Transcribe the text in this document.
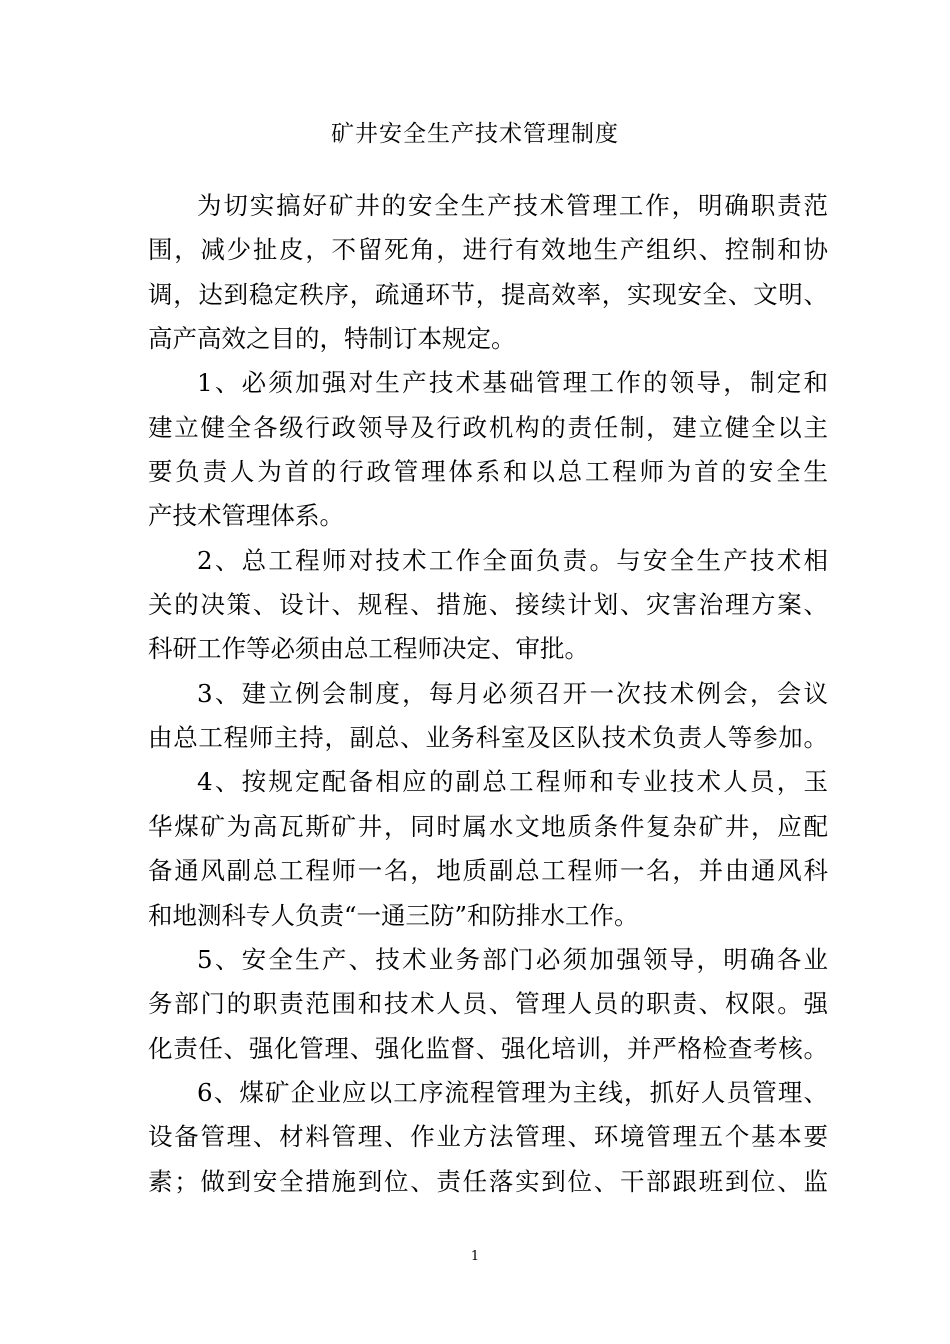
矿井安全生产技术管理制度
为切实搞好矿井的安全生产技术管理工作，明确职责范
围，减少扯皮，不留死角，进行有效地生产组织、控制和协
调，达到稳定秩序，疏通环节，提高效率，实现安全、文明、
高产高效之目的，特制订本规定。
1、必须加强对生产技术基础管理工作的领导，制定和
建立健全各级行政领导及行政机构的责任制，建立健全以主
要负责人为首的行政管理体系和以总工程师为首的安全生
产技术管理体系。
2、总工程师对技术工作全面负责。与安全生产技术相
关的决策、设计、规程、措施、接续计划、灾害治理方案、
科研工作等必须由总工程师决定、审批。
3、建立例会制度，每月必须召开一次技术例会，会议
由总工程师主持，副总、业务科室及区队技术负责人等参加。
4、按规定配备相应的副总工程师和专业技术人员，玉
华煤矿为高瓦斯矿井，同时属水文地质条件复杂矿井，应配
备通风副总工程师一名，地质副总工程师一名，并由通风科
和地测科专人负责“一通三防”和防排水工作。
5、安全生产、技术业务部门必须加强领导，明确各业
务部门的职责范围和技术人员、管理人员的职责、权限。强
化责任、强化管理、强化监督、强化培训，并严格检查考核。
6、煤矿企业应以工序流程管理为主线，抓好人员管理、
设备管理、材料管理、作业方法管理、环境管理五个基本要
素；做到安全措施到位、责任落实到位、干部跟班到位、监
1
